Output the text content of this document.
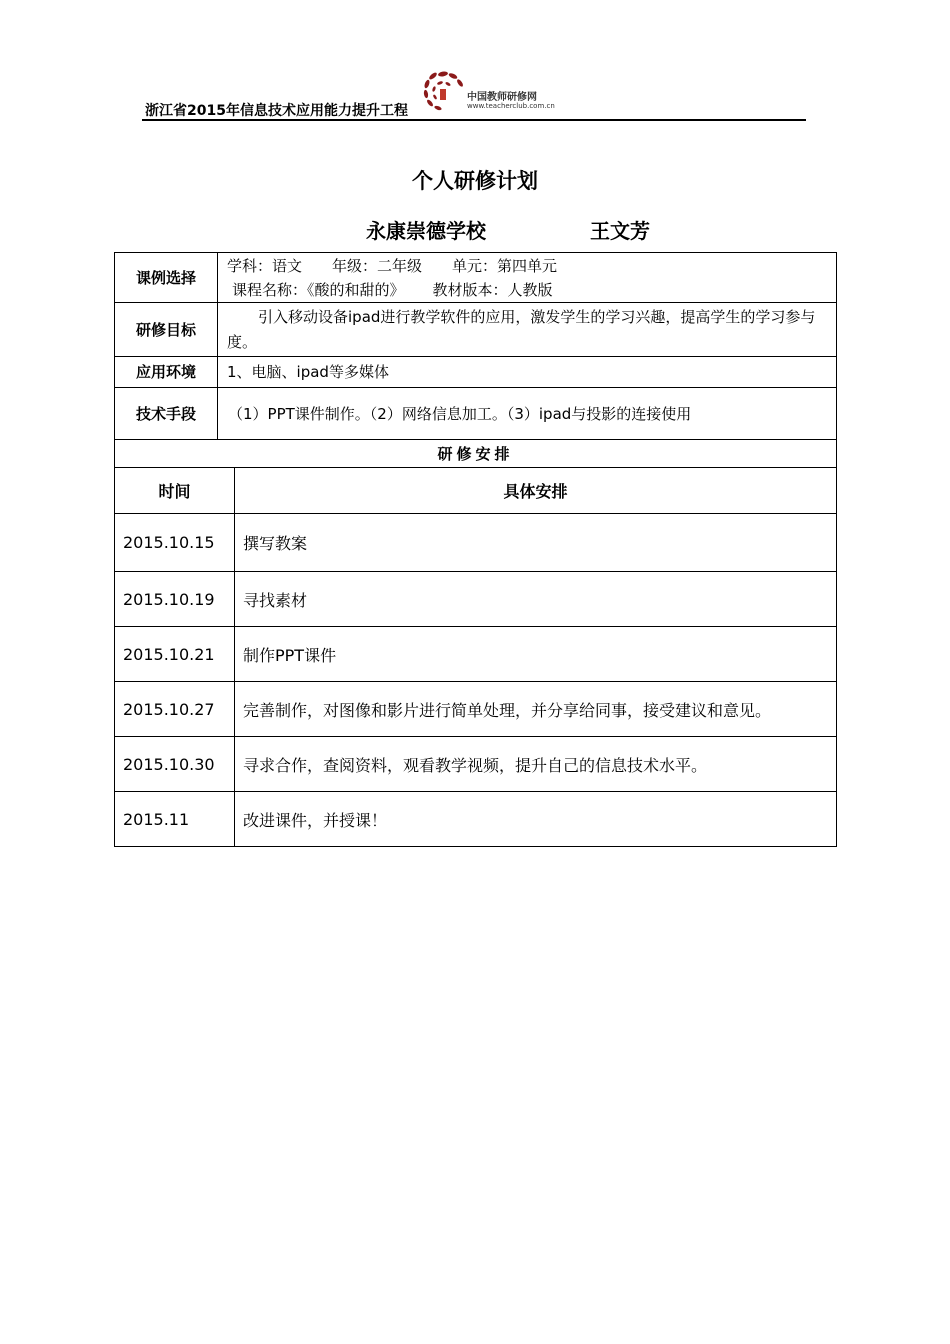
浙江省2015年信息技术应用能力提升工程
中国教师研修网
www.teacherclub.com.cn
个人研修计划
永康崇德学校	王文芳
课例选择	学科：语文 年级：二年级 单元：第四单元
课程名称：《酸的和甜的》 教材版本：人教版

研修目标	引入移动设备ipad进行教学软件的应用，激发学生的学习兴趣，提高学生的学习参与度。
应用环境	1、电脑、ipad等多媒体
技术手段	（1）PPT课件制作。（2）网络信息加工。（3）ipad与投影的连接使用
研修安排	
时间	具体安排
2015.10.15	撰写教案
2015.10.19	寻找素材
2015.10.21	制作PPT课件
2015.10.27	完善制作，对图像和影片进行简单处理，并分享给同事，接受建议和意见。
2015.10.30	寻求合作，查阅资料，观看教学视频，提升自己的信息技术水平。
2015.11	改进课件，并授课！
